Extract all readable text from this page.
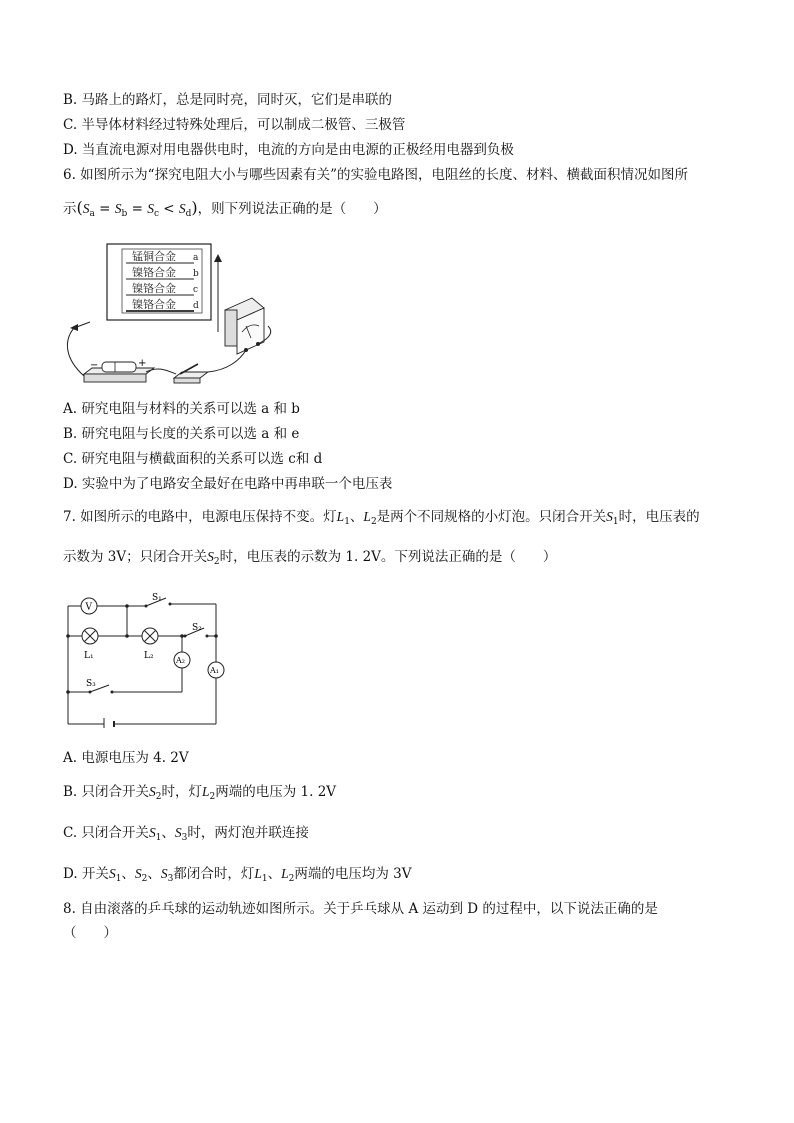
B. 马路上的路灯，总是同时亮，同时灭，它们是串联的
C. 半导体材料经过特殊处理后，可以制成二极管、三极管
D. 当直流电源对用电器供电时，电流的方向是由电源的正极经用电器到负极
6. 如图所示为“探究电阻大小与哪些因素有关”的实验电路图，电阻丝的长度、材料、横截面积情况如图所
示$(S_a = S_b = S_c < S_d)$，则下列说法正确的是（　　）
锰铜合金 a
镍铬合金 b
镍铬合金 c
镍铬合金 d
−	+
A. 研究电阻与材料的关系可以选 a 和 b
B. 研究电阻与长度的关系可以选 a 和 e
C. 研究电阻与横截面积的关系可以选 c和 d
D. 实验中为了电路安全最好在电路中再串联一个电压表
7. 如图所示的电路中，电源电压保持不变。灯$L_1$、$L_2$是两个不同规格的小灯泡。只闭合开关$S_1$时，电压表的
示数为 3V；只闭合开关$S_2$时，电压表的示数为 1. 2V。下列说法正确的是（　　）
S₁
S₂
S₃
V
L₁	L₂	A₂
A₁
A. 电源电压为 4. 2V
B. 只闭合开关$S_2$时，灯$L_2$两端的电压为 1. 2V
C. 只闭合开关$S_1$、$S_3$时，两灯泡并联连接
D. 开关$S_1$、$S_2$、$S_3$都闭合时，灯$L_1$、$L_2$两端的电压均为 3V
8. 自由滚落的乒乓球的运动轨迹如图所示。关于乒乓球从 A 运动到 D 的过程中，以下说法正确的是
（　　）
